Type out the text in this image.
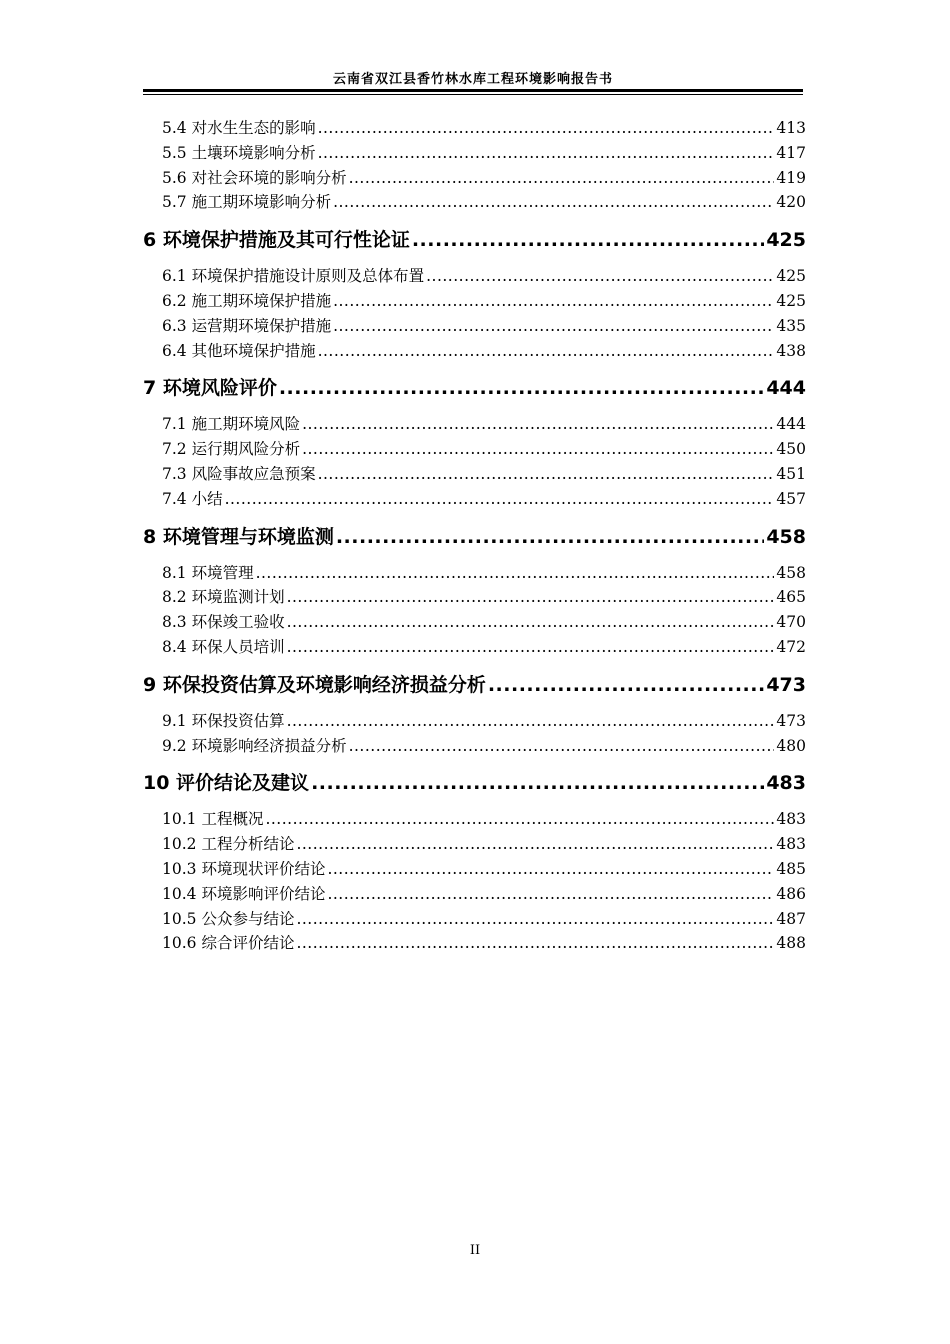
云南省双江县香竹林水库工程环境影响报告书
5.4 对水生生态的影响 .....	413
5.5 土壤环境影响分析 .....	417
5.6 对社会环境的影响分析 .....	419
5.7 施工期环境影响分析 .....	420
6 环境保护措施及其可行性论证 .....	425
6.1 环境保护措施设计原则及总体布置 .....	425
6.2 施工期环境保护措施 .....	425
6.3 运营期环境保护措施 .....	435
6.4 其他环境保护措施 .....	438
7 环境风险评价 .....	444
7.1 施工期环境风险 .....	444
7.2 运行期风险分析 .....	450
7.3 风险事故应急预案 .....	451
7.4 小结 .....	457
8 环境管理与环境监测 .....	458
8.1 环境管理 .....	458
8.2 环境监测计划 .....	465
8.3 环保竣工验收 .....	470
8.4 环保人员培训 .....	472
9 环保投资估算及环境影响经济损益分析 .....	473
9.1 环保投资估算 .....	473
9.2 环境影响经济损益分析 .....	480
10 评价结论及建议 .....	483
10.1 工程概况 .....	483
10.2 工程分析结论 .....	483
10.3 环境现状评价结论 .....	485
10.4 环境影响评价结论 .....	486
10.5 公众参与结论 .....	487
10.6 综合评价结论 .....	488
II
